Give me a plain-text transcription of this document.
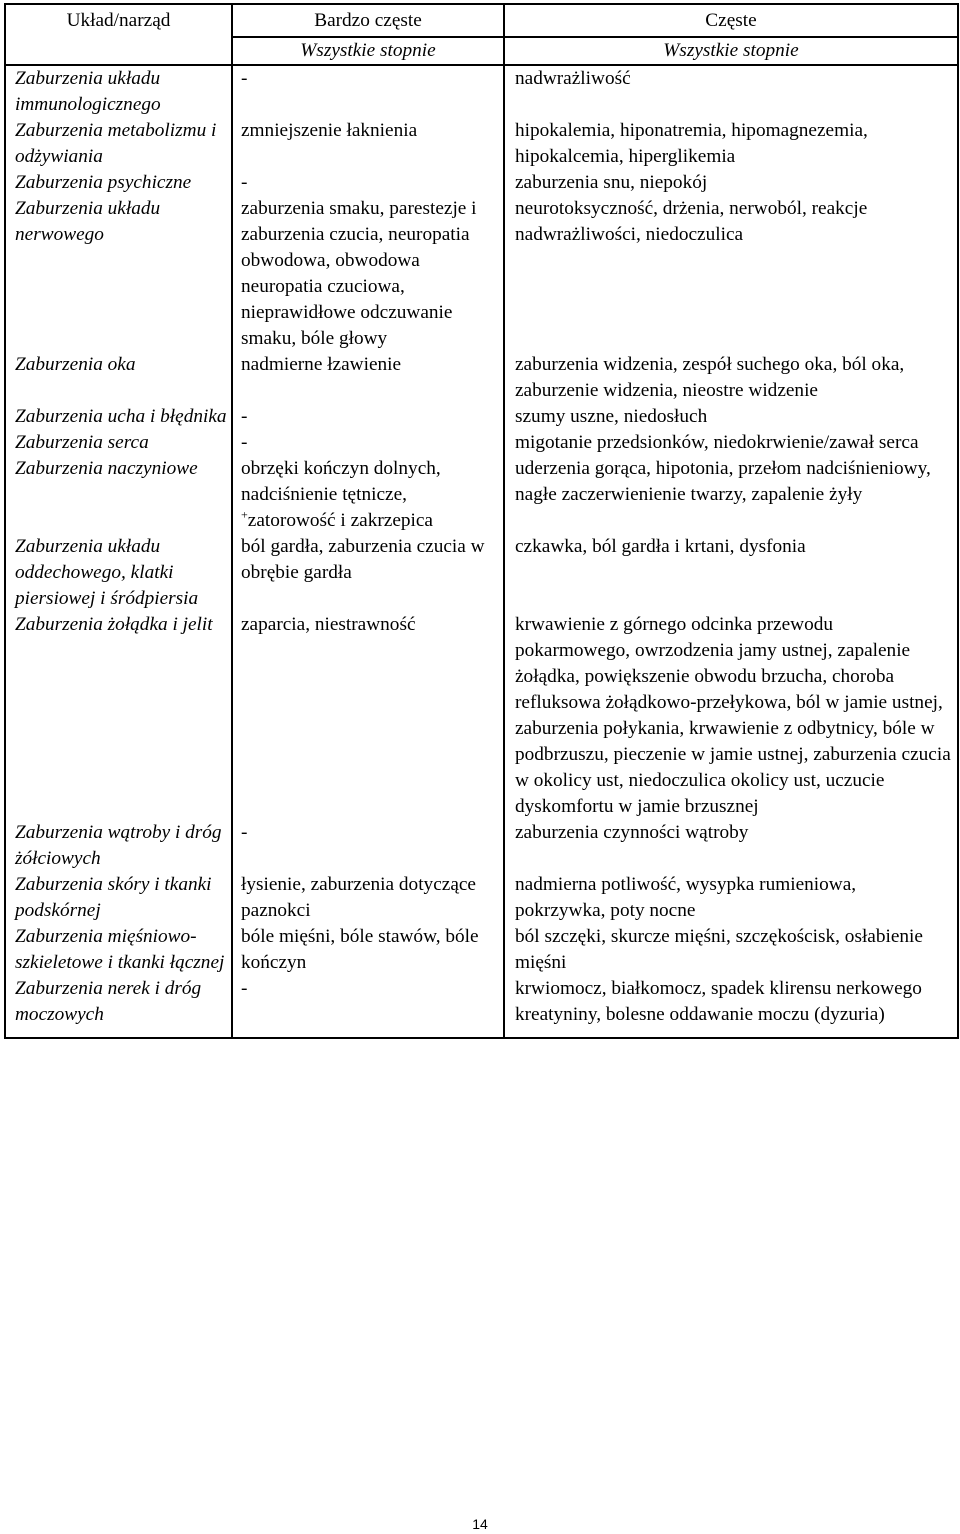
Układ/narząd	Bardzo częste	Częste
	Wszystkie stopnie	Wszystkie stopnie
Zaburzenia układu immunologicznego	-	nadwrażliwość
Zaburzenia metabolizmu i odżywiania	zmniejszenie łaknienia	hipokalemia, hiponatremia, hipomagnezemia, hipokalcemia, hiperglikemia
Zaburzenia psychiczne	-	zaburzenia snu, niepokój
Zaburzenia układu nerwowego	zaburzenia smaku, parestezje i zaburzenia czucia, neuropatia obwodowa, obwodowa neuropatia czuciowa, nieprawidłowe odczuwanie smaku, bóle głowy	neurotoksyczność, drżenia, nerwoból, reakcje nadwrażliwości, niedoczulica
Zaburzenia oka	nadmierne łzawienie	zaburzenia widzenia, zespół suchego oka, ból oka, zaburzenie widzenia, nieostre widzenie
Zaburzenia ucha i błędnika	-	szumy uszne, niedosłuch
Zaburzenia serca	-	migotanie przedsionków, niedokrwienie/zawał serca
Zaburzenia naczyniowe	obrzęki kończyn dolnych, nadciśnienie tętnicze, +zatorowość i zakrzepica	uderzenia gorąca, hipotonia, przełom nadciśnieniowy, nagłe zaczerwienienie twarzy, zapalenie żyły
Zaburzenia układu oddechowego, klatki piersiowej i śródpiersia	ból gardła, zaburzenia czucia w obrębie gardła	czkawka, ból gardła i krtani, dysfonia
Zaburzenia żołądka i jelit	zaparcia, niestrawność	krwawienie z górnego odcinka przewodu pokarmowego, owrzodzenia jamy ustnej, zapalenie żołądka, powiększenie obwodu brzucha, choroba refluksowa żołądkowo-przełykowa, ból w jamie ustnej, zaburzenia połykania, krwawienie z odbytnicy, bóle w podbrzuszu, pieczenie w jamie ustnej, zaburzenia czucia w okolicy ust, niedoczulica okolicy ust, uczucie dyskomfortu w jamie brzusznej
Zaburzenia wątroby i dróg żółciowych	-	zaburzenia czynności wątroby
Zaburzenia skóry i tkanki podskórnej	łysienie, zaburzenia dotyczące paznokci	nadmierna potliwość, wysypka rumieniowa, pokrzywka, poty nocne
Zaburzenia mięśniowo-szkieletowe i tkanki łącznej	bóle mięśni, bóle stawów, bóle kończyn	ból szczęki, skurcze mięśni, szczękościsk, osłabienie mięśni
Zaburzenia nerek i dróg moczowych	-	krwiomocz, białkomocz, spadek klirensu nerkowego kreatyniny, bolesne oddawanie moczu (dyzuria)
14
